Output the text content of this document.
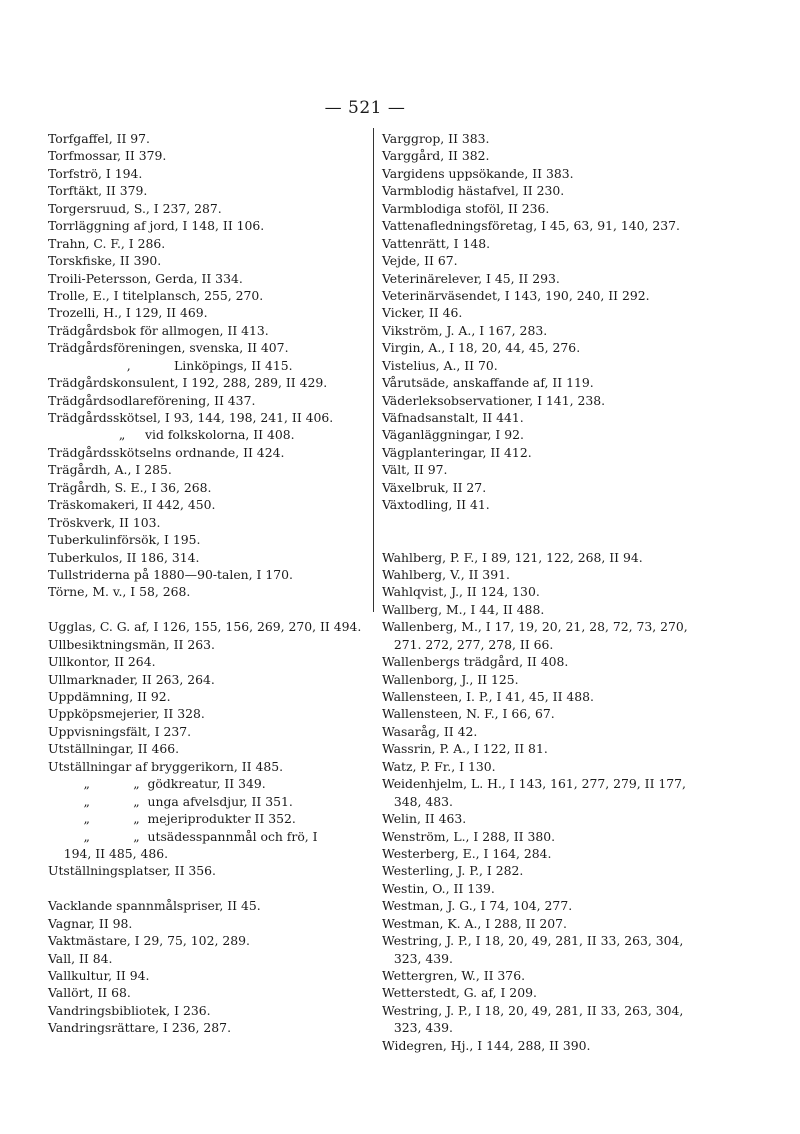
— 521 —
Torfgaffel, II 97.
Torfmossar, II 379.
Torfströ, I 194.
Torftäkt, II 379.
Torgersruud, S., I 237, 287.
Torrläggning af jord, I 148, II 106.
Trahn, C. F., I 286.
Torskfiske, II 390.
Troili-Petersson, Gerda, II 334.
Trolle, E., I titelplansch, 255, 270.
Trozelli, H., I 129, II 469.
Trädgårdsbok för allmogen, II 413.
Trädgårdsföreningen, svenska, II 407.
,           Linköpings, II 415.
Trädgårdskonsulent, I 192, 288, 289, II 429.
Trädgårdsodlareförening, II 437.
Trädgårdsskötsel, I 93, 144, 198, 241, II 406.
„     vid folkskolorna, II 408.
Trädgårdsskötselns ordnande, II 424.
Trägårdh, A., I 285.
Trägårdh, S. E., I 36, 268.
Träskomakeri, II 442, 450.
Tröskverk, II 103.
Tuberkulinförsök, I 195.
Tuberkulos, II 186, 314.
Tullstriderna på 1880—90-talen, I 170.
Törne, M. v., I 58, 268.
Ugglas, C. G. af, I 126, 155, 156, 269, 270, II 494.
Ullbesiktningsmän, II 263.
Ullkontor, II 264.
Ullmarknader, II 263, 264.
Uppdämning, II 92.
Uppköpsmejerier, II 328.
Uppvisningsfält, I 237.
Utställningar, II 466.
Utställningar af bryggerikorn, II 485.
„           „  gödkreatur, II 349.
„           „  unga afvelsdjur, II 351.
„           „  mejeriprodukter II 352.
„           „  utsädesspannmål och frö, I
194, II 485, 486.
Utställningsplatser, II 356.
Vacklande spannmålspriser, II 45.
Vagnar, II 98.
Vaktmästare, I 29, 75, 102, 289.
Vall, II 84.
Vallkultur, II 94.
Vallört, II 68.
Vandringsbibliotek, I 236.
Vandringsrättare, I 236, 287.
Varggrop, II 383.
Varggård, II 382.
Vargidens uppsökande, II 383.
Varmblodig hästafvel, II 230.
Varmblodiga stoföl, II 236.
Vattenafledningsföretag, I 45, 63, 91, 140, 237.
Vattenrätt, I 148.
Vejde, II 67.
Veterinärelever, I 45, II 293.
Veterinärväsendet, I 143, 190, 240, II 292.
Vicker, II 46.
Vikström, J. A., I 167, 283.
Virgin, A., I 18, 20, 44, 45, 276.
Vistelius, A., II 70.
Vårutsäde, anskaffande af, II 119.
Väderleksobservationer, I 141, 238.
Väfnadsanstalt, II 441.
Väganläggningar, I 92.
Vägplanteringar, II 412.
Vält, II 97.
Växelbruk, II 27.
Växtodling, II 41.
Wahlberg, P. F., I 89, 121, 122, 268, II 94.
Wahlberg, V., II 391.
Wahlqvist, J., II 124, 130.
Wallberg, M., I 44, II 488.
Wallenberg, M., I 17, 19, 20, 21, 28, 72, 73, 270,
271. 272, 277, 278, II 66.
Wallenbergs trädgård, II 408.
Wallenborg, J., II 125.
Wallensteen, I. P., I 41, 45, II 488.
Wallensteen, N. F., I 66, 67.
Wasaråg, II 42.
Wassrin, P. A., I 122, II 81.
Watz, P. Fr., I 130.
Weidenhjelm, L. H., I 143, 161, 277, 279, II 177,
348, 483.
Welin, II 463.
Wenström, L., I 288, II 380.
Westerberg, E., I 164, 284.
Westerling, J. P., I 282.
Westin, O., II 139.
Westman, J. G., I 74, 104, 277.
Westman, K. A., I 288, II 207.
Westring, J. P., I 18, 20, 49, 281, II 33, 263, 304,
323, 439.
Wettergren, W., II 376.
Wetterstedt, G. af, I 209.
Westring, J. P., I 18, 20, 49, 281, II 33, 263, 304,
323, 439.
Widegren, Hj., I 144, 288, II 390.
